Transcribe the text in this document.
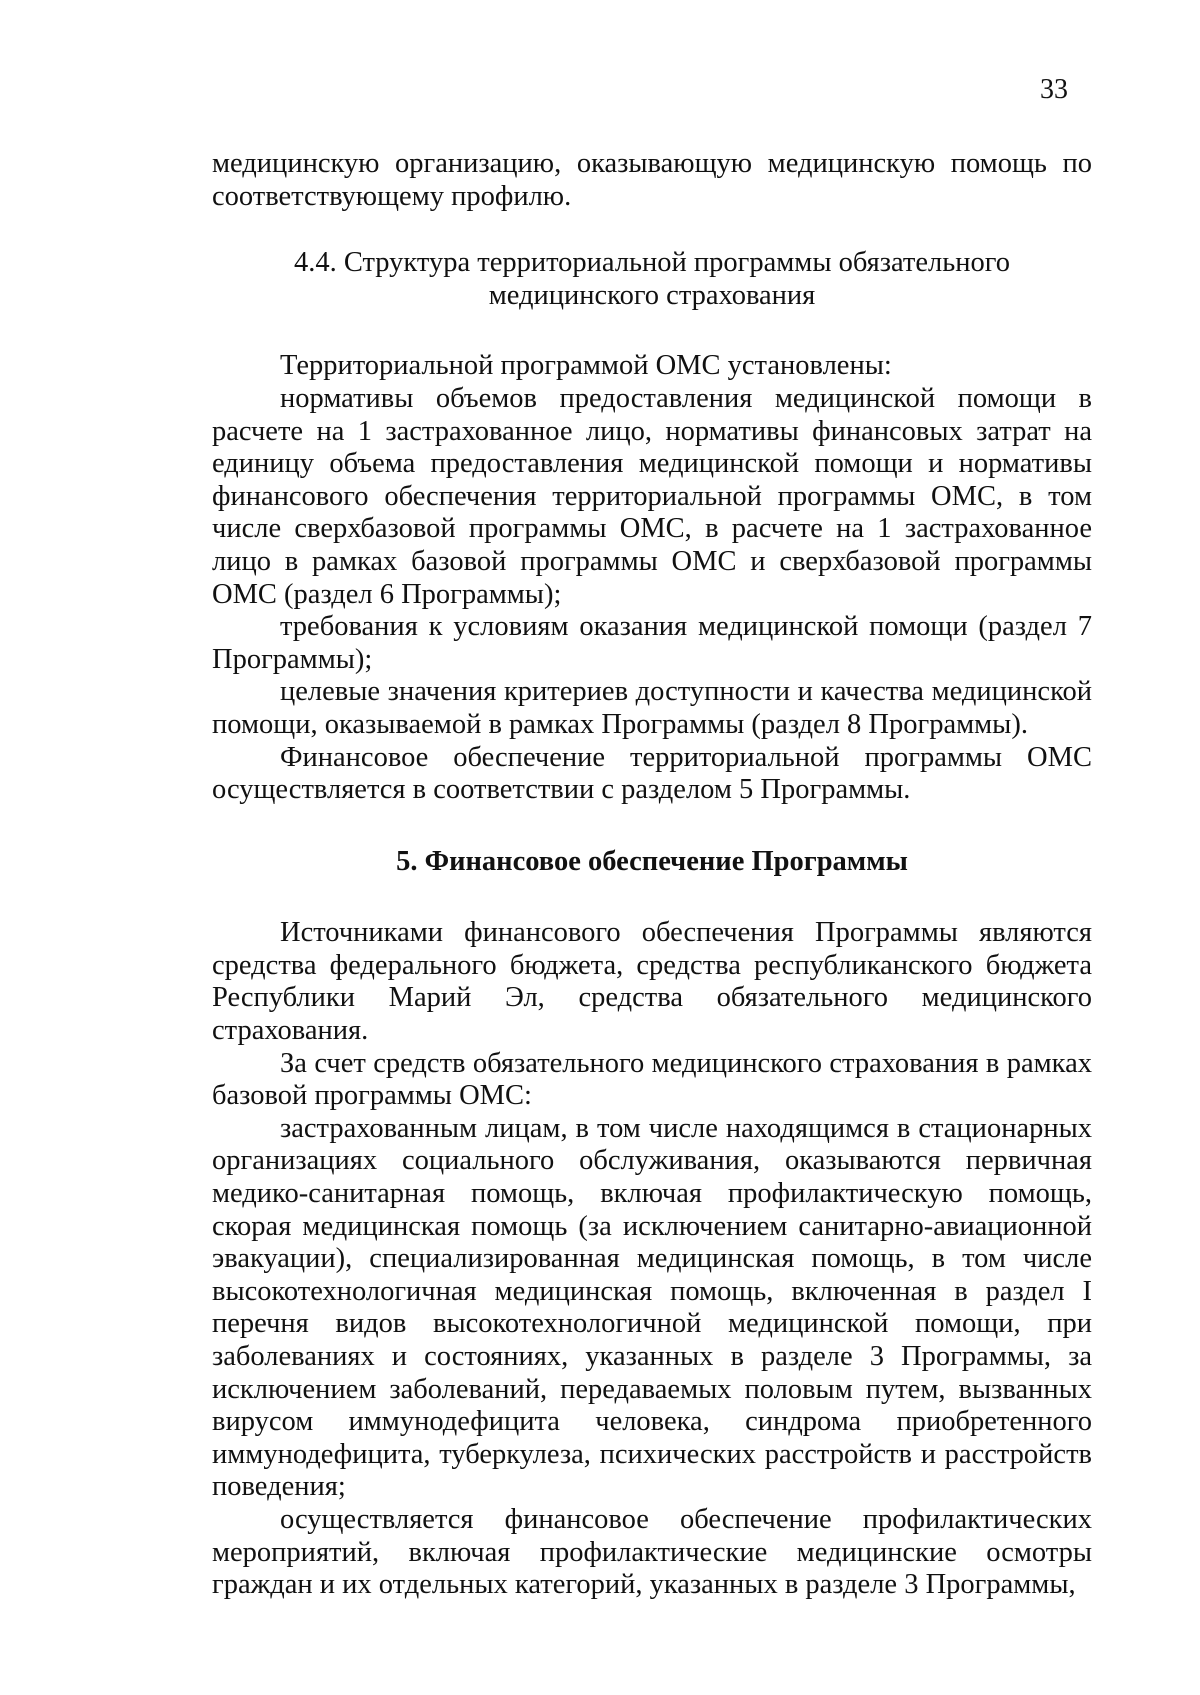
33

медицинскую организацию, оказывающую медицинскую помощь по соответствующему профилю.

4.4. Структура территориальной программы обязательного медицинского страхования

Территориальной программой ОМС установлены:

нормативы объемов предоставления медицинской помощи в расчете на 1 застрахованное лицо, нормативы финансовых затрат на единицу объема предоставления медицинской помощи и нормативы финансового обеспечения территориальной программы ОМС, в том числе сверхбазовой программы ОМС, в расчете на 1 застрахованное лицо в рамках базовой программы ОМС и сверхбазовой программы ОМС (раздел 6 Программы);

требования к условиям оказания медицинской помощи (раздел 7 Программы);

целевые значения критериев доступности и качества медицинской помощи, оказываемой в рамках Программы (раздел 8 Программы).

Финансовое обеспечение территориальной программы ОМС осуществляется в соответствии с разделом 5 Программы.

5. Финансовое обеспечение Программы

Источниками финансового обеспечения Программы являются средства федерального бюджета, средства республиканского бюджета Республики Марий Эл, средства обязательного медицинского страхования.

За счет средств обязательного медицинского страхования в рамках базовой программы ОМС:

застрахованным лицам, в том числе находящимся в стационарных организациях социального обслуживания, оказываются первичная медико-санитарная помощь, включая профилактическую помощь, скорая медицинская помощь (за исключением санитарно-авиационной эвакуации), специализированная медицинская помощь, в том числе высокотехнологичная медицинская помощь, включенная в раздел I перечня видов высокотехнологичной медицинской помощи, при заболеваниях и состояниях, указанных в разделе 3 Программы, за исключением заболеваний, передаваемых половым путем, вызванных вирусом иммунодефицита человека, синдрома приобретенного иммунодефицита, туберкулеза, психических расстройств и расстройств поведения;

осуществляется финансовое обеспечение профилактических мероприятий, включая профилактические медицинские осмотры граждан и их отдельных категорий, указанных в разделе 3 Программы,
